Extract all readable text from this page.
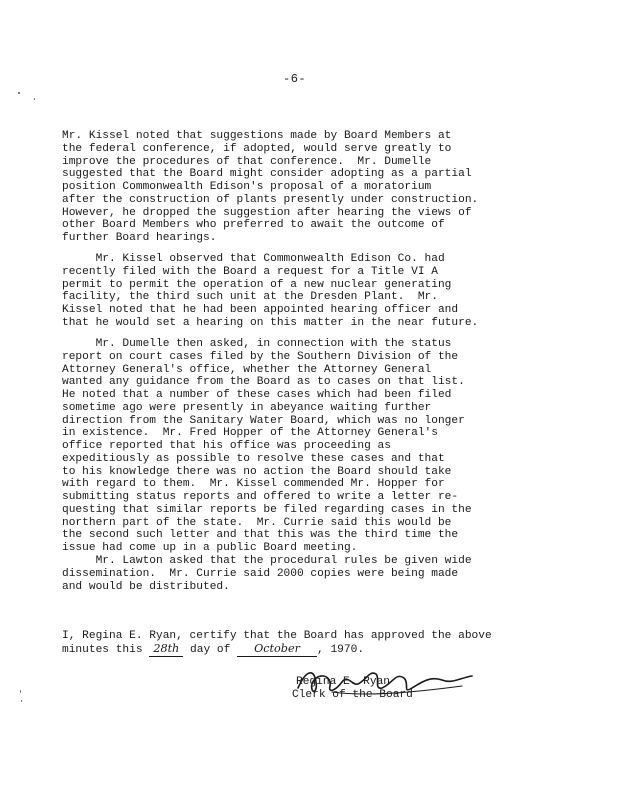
-6-
Mr. Kissel noted that suggestions made by Board Members at
the federal conference, if adopted, would serve greatly to
improve the procedures of that conference.  Mr. Dumelle
suggested that the Board might consider adopting as a partial
position Commonwealth Edison's proposal of a moratorium
after the construction of plants presently under construction.
However, he dropped the suggestion after hearing the views of
other Board Members who preferred to await the outcome of
further Board hearings.
Mr. Kissel observed that Commonwealth Edison Co. had
recently filed with the Board a request for a Title VI A
permit to permit the operation of a new nuclear generating
facility, the third such unit at the Dresden Plant.  Mr.
Kissel noted that he had been appointed hearing officer and
that he would set a hearing on this matter in the near future.
Mr. Dumelle then asked, in connection with the status
report on court cases filed by the Southern Division of the
Attorney General's office, whether the Attorney General
wanted any guidance from the Board as to cases on that list.
He noted that a number of these cases which had been filed
sometime ago were presently in abeyance waiting further
direction from the Sanitary Water Board, which was no longer
in existence.  Mr. Fred Hopper of the Attorney General's
office reported that his office was proceeding as
expeditiously as possible to resolve these cases and that
to his knowledge there was no action the Board should take
with regard to them.  Mr. Kissel commended Mr. Hopper for
submitting status reports and offered to write a letter re-
questing that similar reports be filed regarding cases in the
northern part of the state.  Mr. Currie said this would be
the second such letter and that this was the third time the
issue had come up in a public Board meeting.
Mr. Lawton asked that the procedural rules be given wide
dissemination.  Mr. Currie said 2000 copies were being made
and would be distributed.
I, Regina E. Ryan, certify that the Board has approved the above
minutes this 28th day of October , 1970.
Regina E. Ryan
Clerk of the Board
